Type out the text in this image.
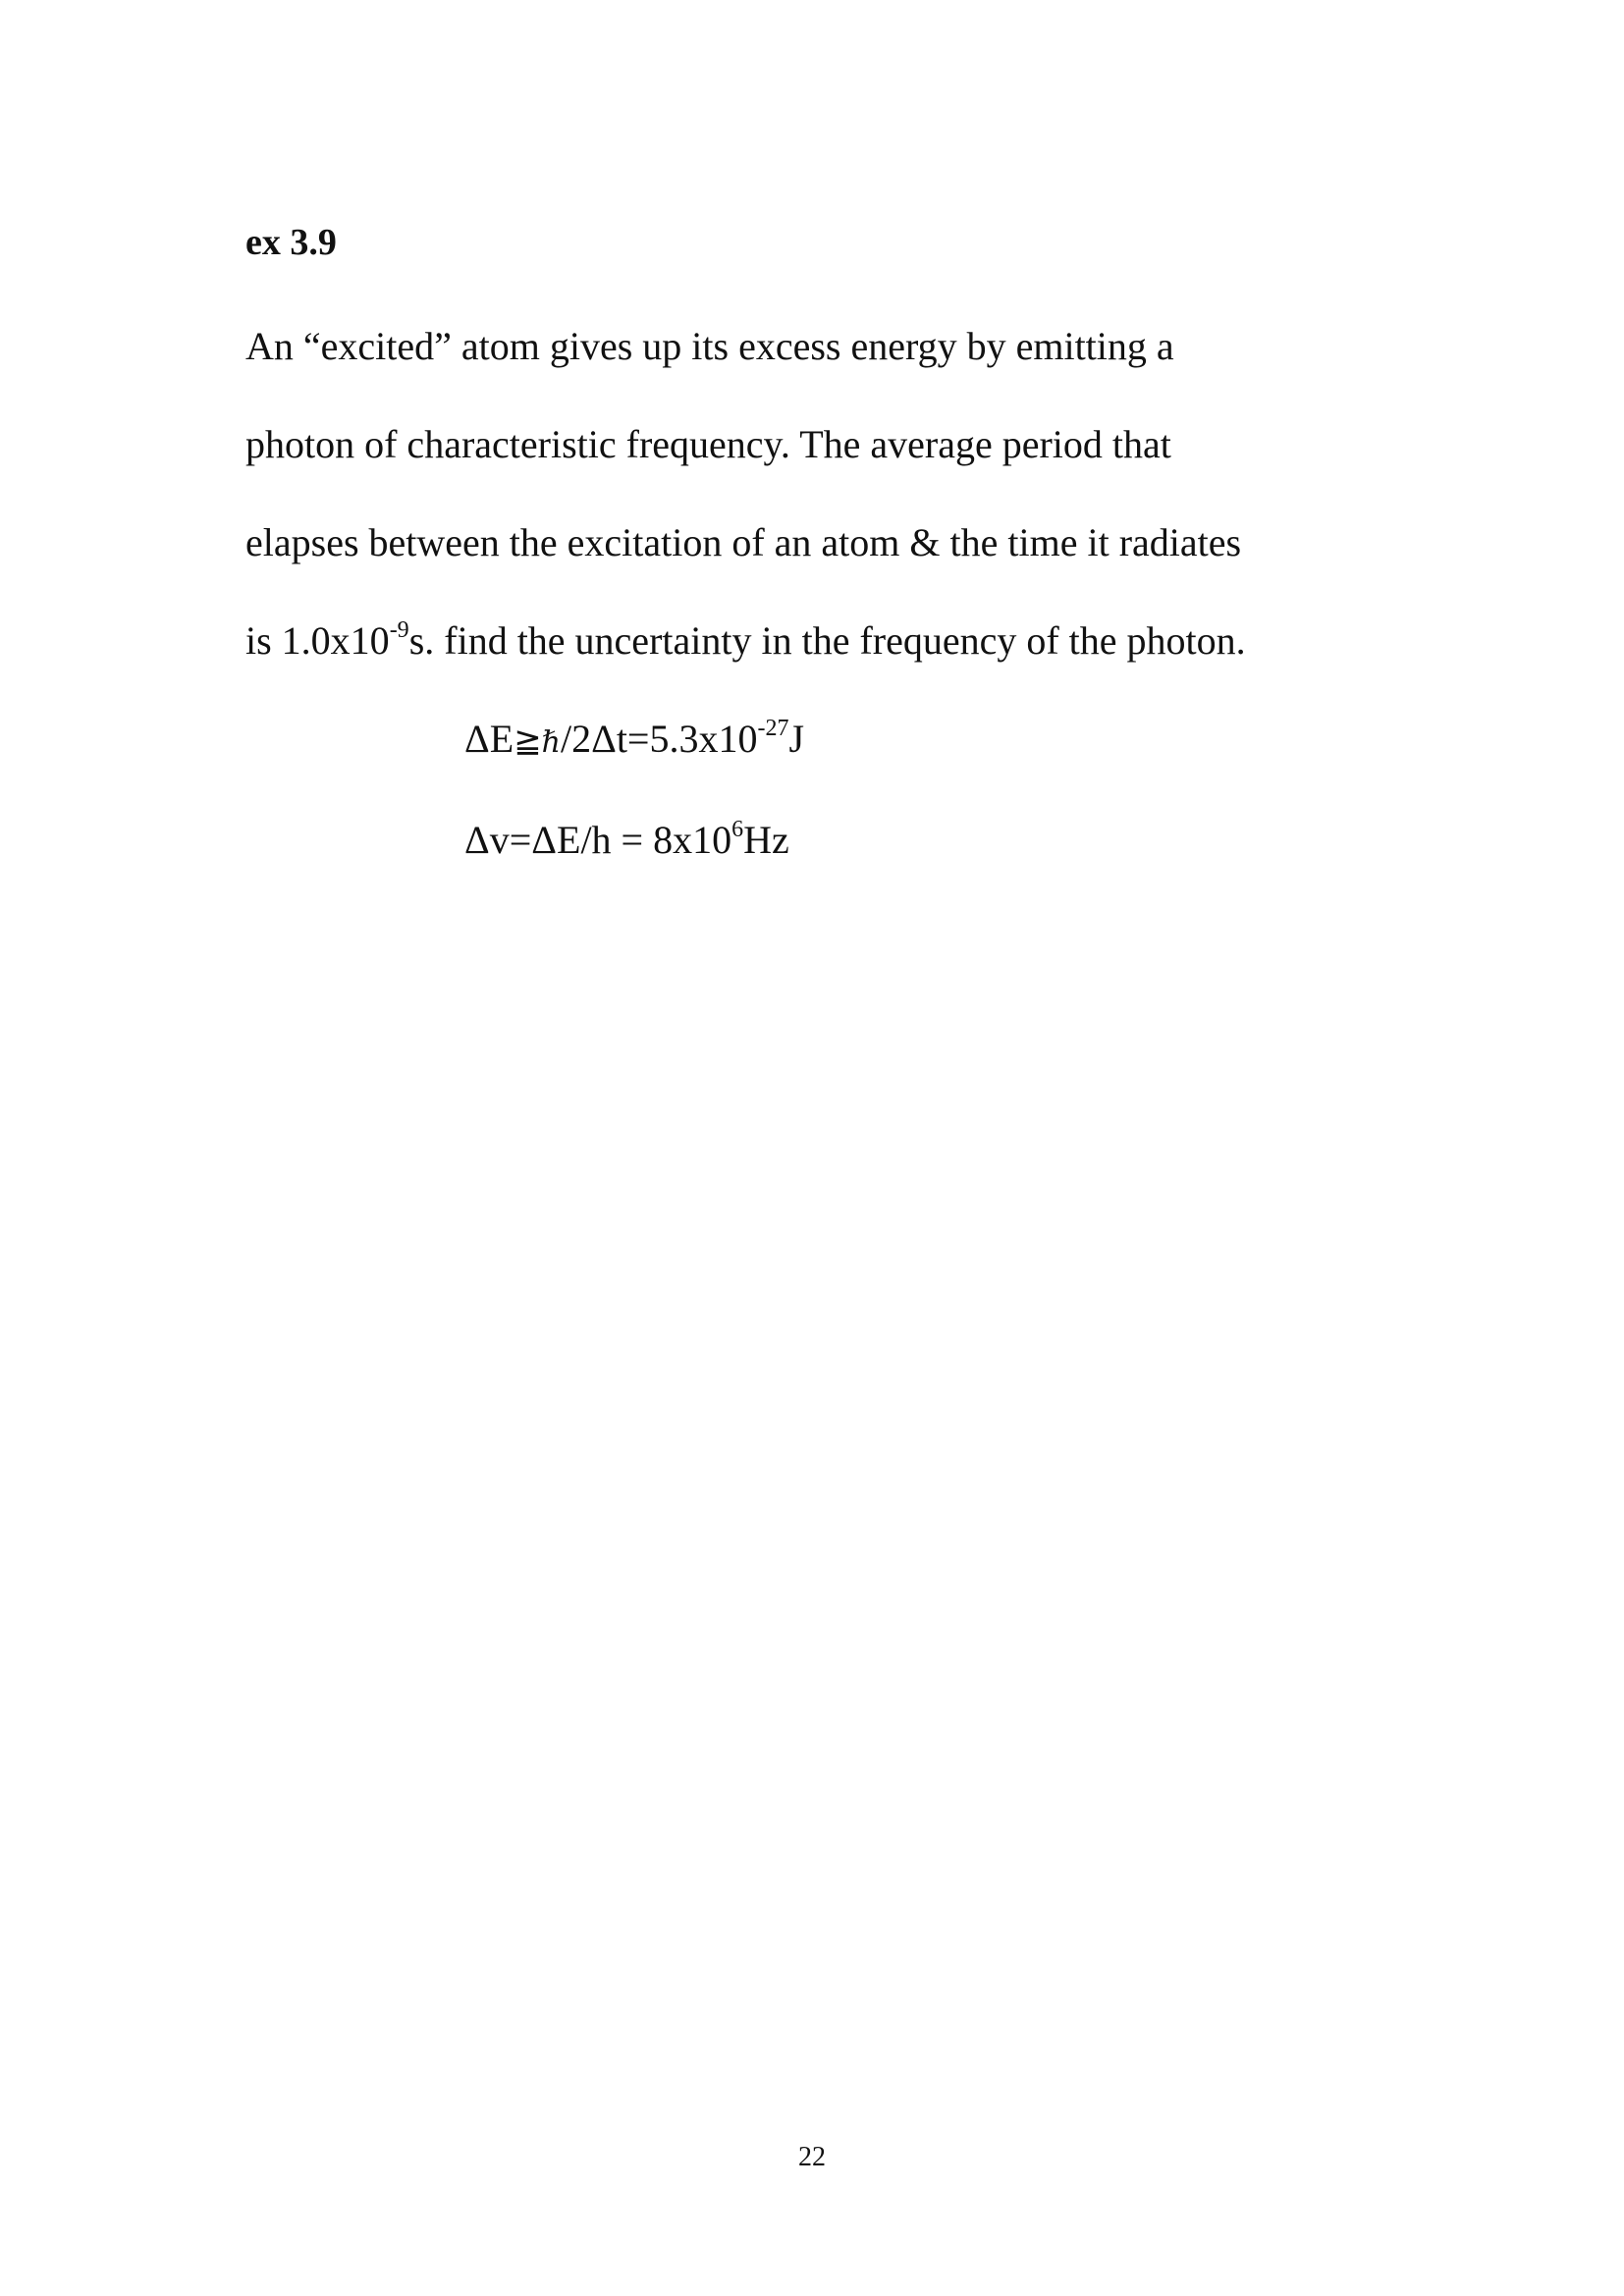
ex 3.9
An “excited” atom gives up its excess energy by emitting a
photon of characteristic frequency. The average period that
elapses between the excitation of an atom & the time it radiates
is $1.0x10^{-9}s$. find the uncertainty in the frequency of the photon.
$\Delta E≧\hbar/2\Delta t=5.3x10^{-27}J$
$\Delta v=\Delta E/h = 8x10^6Hz$
22
